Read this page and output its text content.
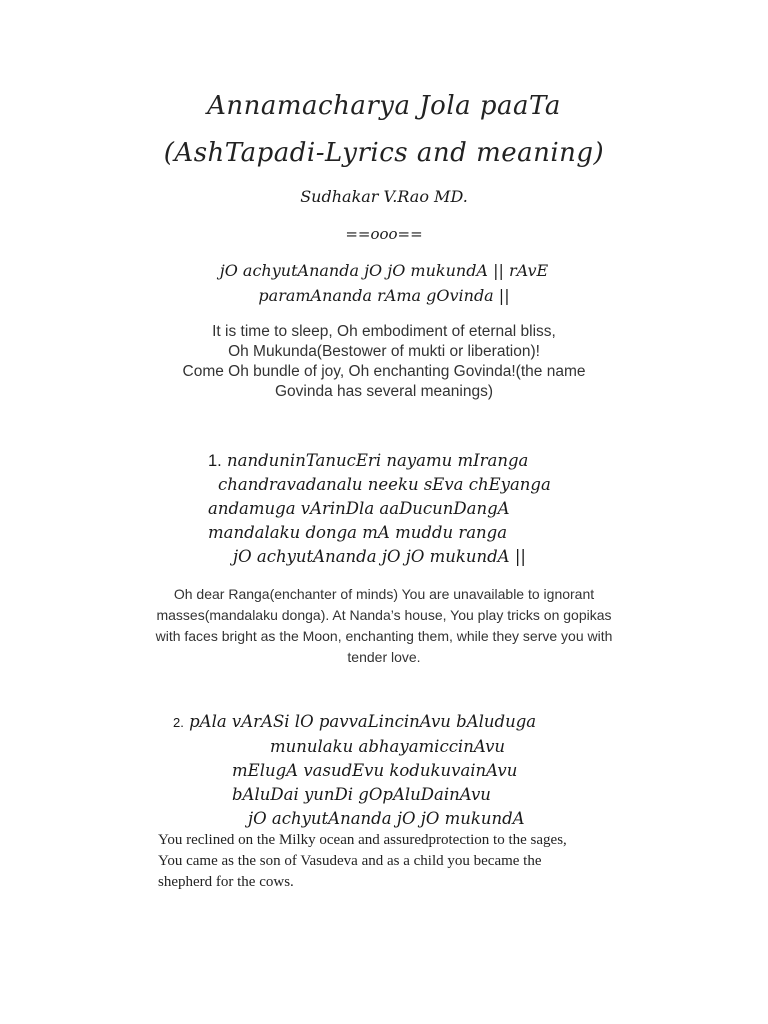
Annamacharya Jola paaTa
(AshTapadi-Lyrics and meaning)
Sudhakar V.Rao MD.
==ooo==
jO achyutAnanda jO jO mukundA || rAvE
paramAnanda rAma gOvinda ||
It is time to sleep, Oh embodiment of eternal bliss,
Oh Mukunda(Bestower of mukti or liberation)!
Come Oh bundle of joy, Oh enchanting Govinda!(the name
Govinda has several meanings)
1. nanduninTanucEri nayamu mIranga
chandravadanalu neeku sEva chEyanga
andamuga vArinDla aaDucunDangA
mandalaku donga mA muddu ranga
jO achyutAnanda jO jO mukundA ||
Oh dear Ranga(enchanter of minds) You are unavailable to ignorant
masses(mandalaku donga). At Nanda’s house, You play tricks on gopikas
with faces bright as the Moon, enchanting them, while they serve you with
tender love.
2. pAla vArASi lO pavvaLincinAvu bAluduga
munulaku abhayamiccinAvu
mElugA vasudEvu kodukuvainAvu
bAluDai yunDi gOpAluDainAvu
jO achyutAnanda jO jO mukundA
You reclined on the Milky ocean and assuredprotection to the sages,
You came as the son of Vasudeva and as a child you became the
shepherd for the cows.
